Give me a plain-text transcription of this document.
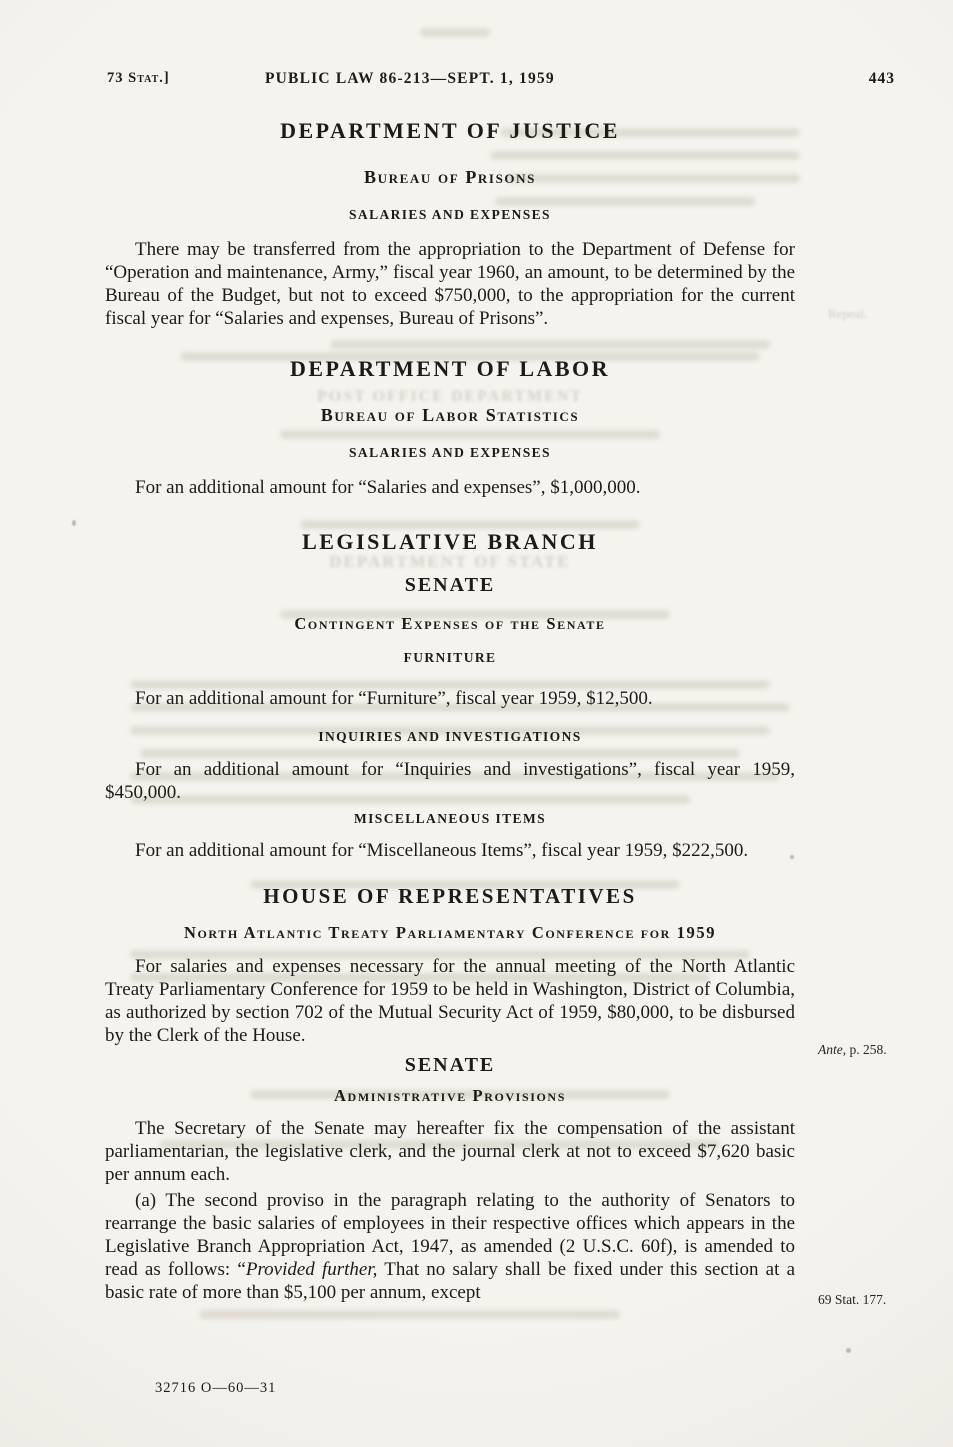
POST OFFICE DEPARTMENT
DEPARTMENT OF STATE
Repeal.
73 Stat.]	PUBLIC LAW 86-213—SEPT. 1, 1959	443
DEPARTMENT OF JUSTICE
Bureau of Prisons
SALARIES AND EXPENSES

There may be transferred from the appropriation to the Department of Defense for “Operation and maintenance, Army,” fiscal year 1960, an amount, to be determined by the Bureau of the Budget, but not to exceed $750,000, to the appropriation for the current fiscal year for “Salaries and expenses, Bureau of Prisons”.

DEPARTMENT OF LABOR
Bureau of Labor Statistics
SALARIES AND EXPENSES

For an additional amount for “Salaries and expenses”, $1,000,000.

LEGISLATIVE BRANCH
SENATE
Contingent Expenses of the Senate
FURNITURE

For an additional amount for “Furniture”, fiscal year 1959, $12,500.

INQUIRIES AND INVESTIGATIONS

For an additional amount for “Inquiries and investigations”, fiscal year 1959, $450,000.

MISCELLANEOUS ITEMS

For an additional amount for “Miscellaneous Items”, fiscal year 1959, $222,500.

HOUSE OF REPRESENTATIVES
North Atlantic Treaty Parliamentary Conference for 1959

For salaries and expenses necessary for the annual meeting of the North Atlantic Treaty Parliamentary Conference for 1959 to be held in Washington, District of Columbia, as authorized by section 702 of the Mutual Security Act of 1959, $80,000, to be disbursed by the Clerk of the House.

SENATE
Administrative Provisions

The Secretary of the Senate may hereafter fix the compensation of the assistant parliamentarian, the legislative clerk, and the journal clerk at not to exceed $7,620 basic per annum each.

(a) The second proviso in the paragraph relating to the authority of Senators to rearrange the basic salaries of employees in their respective offices which appears in the Legislative Branch Appropriation Act, 1947, as amended (2 U.S.C. 60f), is amended to read as follows: “Provided further, That no salary shall be fixed under this section at a basic rate of more than $5,100 per annum, except

Ante, p. 258.
69 Stat. 177.
32716 O—60—31
